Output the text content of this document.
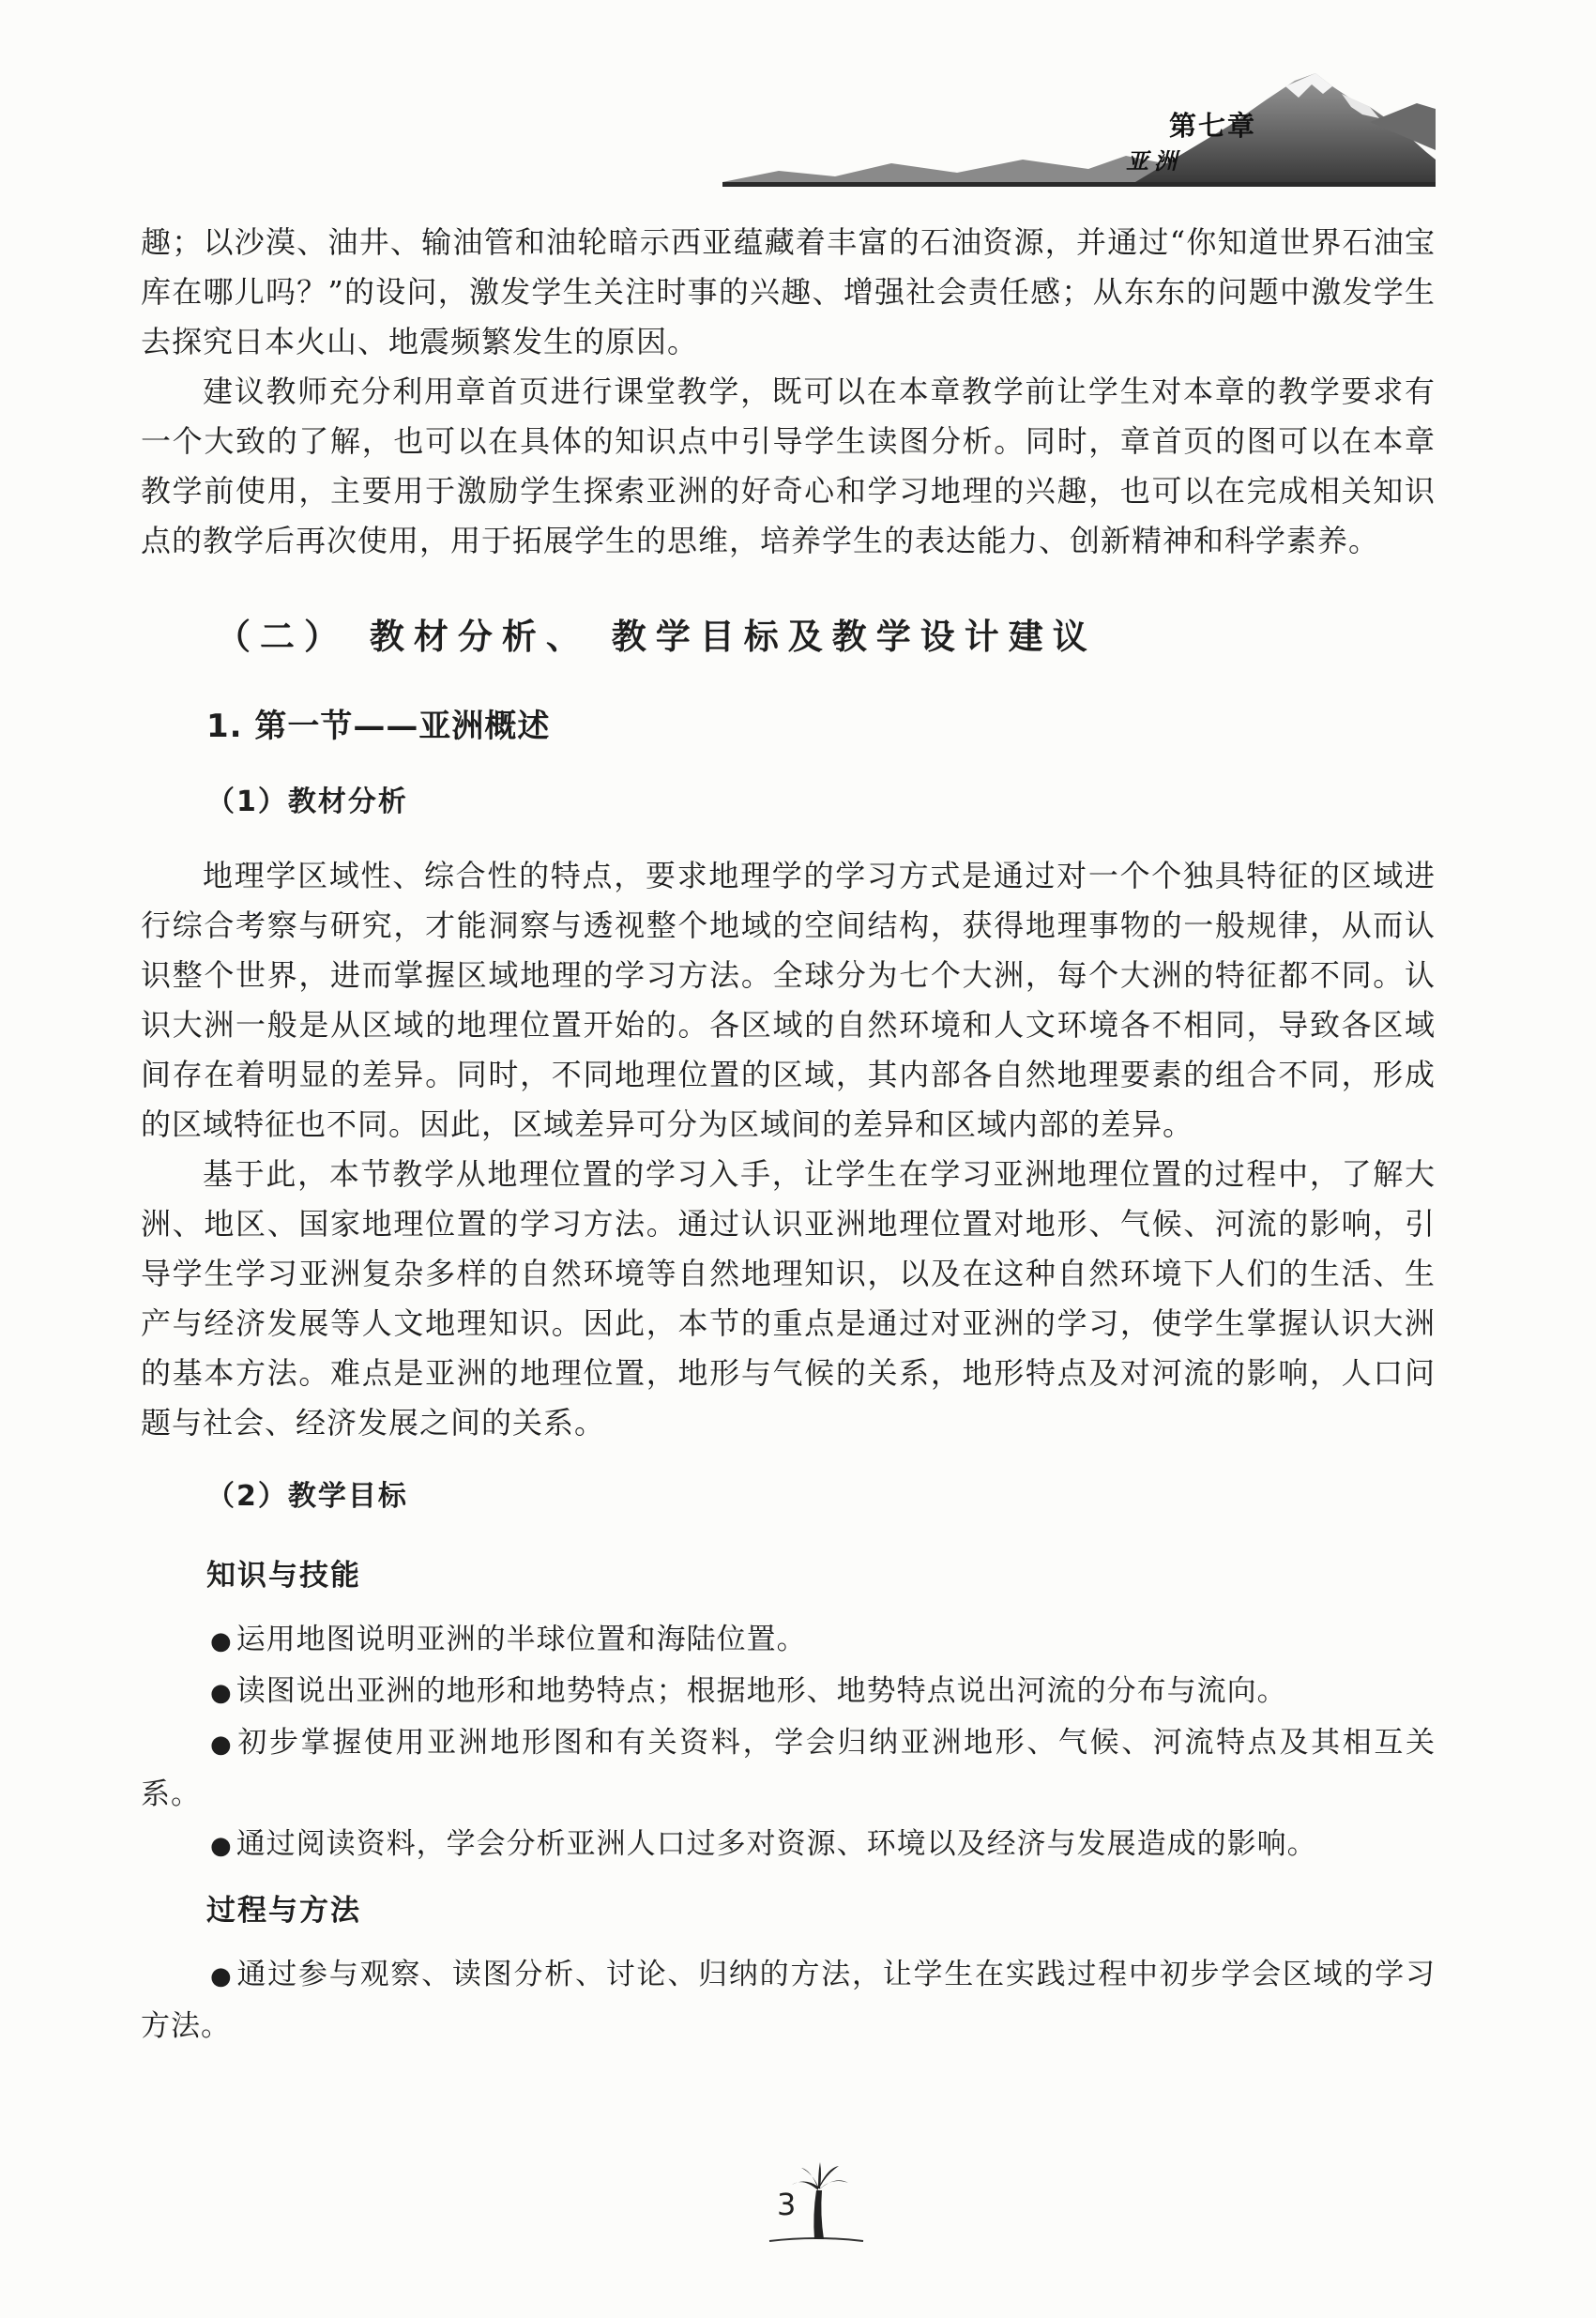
第七章
亚洲

趣；以沙漠、油井、输油管和油轮暗示西亚蕴藏着丰富的石油资源，并通过“你知道世界石油宝库在哪儿吗？”的设问，激发学生关注时事的兴趣、增强社会责任感；从东东的问题中激发学生去探究日本火山、地震频繁发生的原因。

建议教师充分利用章首页进行课堂教学，既可以在本章教学前让学生对本章的教学要求有一个大致的了解，也可以在具体的知识点中引导学生读图分析。同时，章首页的图可以在本章教学前使用，主要用于激励学生探索亚洲的好奇心和学习地理的兴趣，也可以在完成相关知识点的教学后再次使用，用于拓展学生的思维，培养学生的表达能力、创新精神和科学素养。

（二） 教材分析、 教学目标及教学设计建议
1. 第一节——亚洲概述
（1）教材分析

地理学区域性、综合性的特点，要求地理学的学习方式是通过对一个个独具特征的区域进行综合考察与研究，才能洞察与透视整个地域的空间结构，获得地理事物的一般规律，从而认识整个世界，进而掌握区域地理的学习方法。全球分为七个大洲，每个大洲的特征都不同。认识大洲一般是从区域的地理位置开始的。各区域的自然环境和人文环境各不相同，导致各区域间存在着明显的差异。同时，不同地理位置的区域，其内部各自然地理要素的组合不同，形成的区域特征也不同。因此，区域差异可分为区域间的差异和区域内部的差异。

基于此，本节教学从地理位置的学习入手，让学生在学习亚洲地理位置的过程中，了解大洲、地区、国家地理位置的学习方法。通过认识亚洲地理位置对地形、气候、河流的影响，引导学生学习亚洲复杂多样的自然环境等自然地理知识，以及在这种自然环境下人们的生活、生产与经济发展等人文地理知识。因此，本节的重点是通过对亚洲的学习，使学生掌握认识大洲的基本方法。难点是亚洲的地理位置，地形与气候的关系，地形特点及对河流的影响，人口问题与社会、经济发展之间的关系。

（2）教学目标
知识与技能

● 运用地图说明亚洲的半球位置和海陆位置。

● 读图说出亚洲的地形和地势特点；根据地形、地势特点说出河流的分布与流向。

● 初步掌握使用亚洲地形图和有关资料，学会归纳亚洲地形、气候、河流特点及其相互关系。

● 通过阅读资料，学会分析亚洲人口过多对资源、环境以及经济与发展造成的影响。

过程与方法

● 通过参与观察、读图分析、讨论、归纳的方法，让学生在实践过程中初步学会区域的学习方法。

3
